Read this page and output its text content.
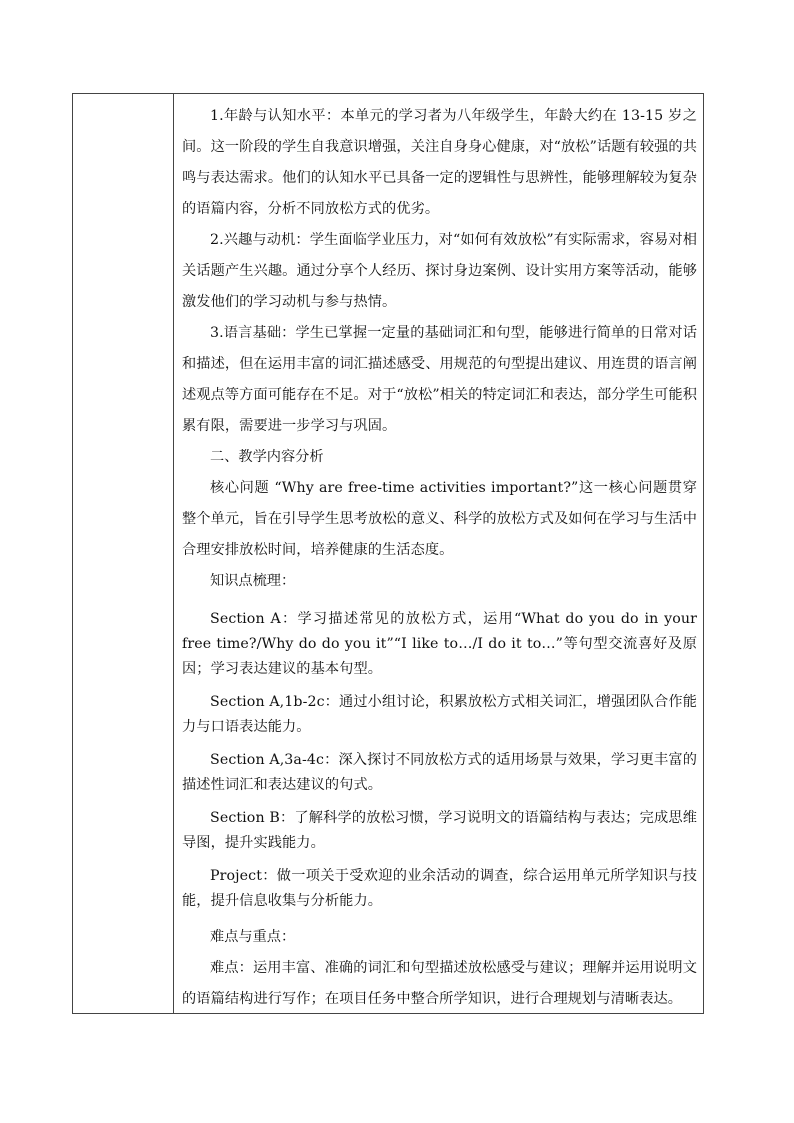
1.年龄与认知水平：本单元的学习者为八年级学生，年龄大约在 13-15 岁之间。这一阶段的学生自我意识增强，关注自身身心健康，对“放松”话题有较强的共鸣与表达需求。他们的认知水平已具备一定的逻辑性与思辨性，能够理解较为复杂的语篇内容，分析不同放松方式的优劣。

2.兴趣与动机：学生面临学业压力，对“如何有效放松”有实际需求，容易对相关话题产生兴趣。通过分享个人经历、探讨身边案例、设计实用方案等活动，能够激发他们的学习动机与参与热情。

3.语言基础：学生已掌握一定量的基础词汇和句型，能够进行简单的日常对话和描述，但在运用丰富的词汇描述感受、用规范的句型提出建议、用连贯的语言阐述观点等方面可能存在不足。对于“放松”相关的特定词汇和表达，部分学生可能积累有限，需要进一步学习与巩固。

二、教学内容分析

核心问题 “Why are free-time activities important?”这一核心问题贯穿整个单元，旨在引导学生思考放松的意义、科学的放松方式及如何在学习与生活中合理安排放松时间，培养健康的生活态度。

知识点梳理：

Section A：学习描述常见的放松方式，运用“What do you do in your free time?/Why do do you it”“I like to…/I do it to…”等句型交流喜好及原因；学习表达建议的基本句型。

Section A,1b-2c：通过小组讨论，积累放松方式相关词汇，增强团队合作能力与口语表达能力。

Section A,3a-4c：深入探讨不同放松方式的适用场景与效果，学习更丰富的描述性词汇和表达建议的句式。

Section B：了解科学的放松习惯，学习说明文的语篇结构与表达；完成思维导图，提升实践能力。

Project：做一项关于受欢迎的业余活动的调查，综合运用单元所学知识与技能，提升信息收集与分析能力。

难点与重点：

难点：运用丰富、准确的词汇和句型描述放松感受与建议；理解并运用说明文的语篇结构进行写作；在项目任务中整合所学知识，进行合理规划与清晰表达。
